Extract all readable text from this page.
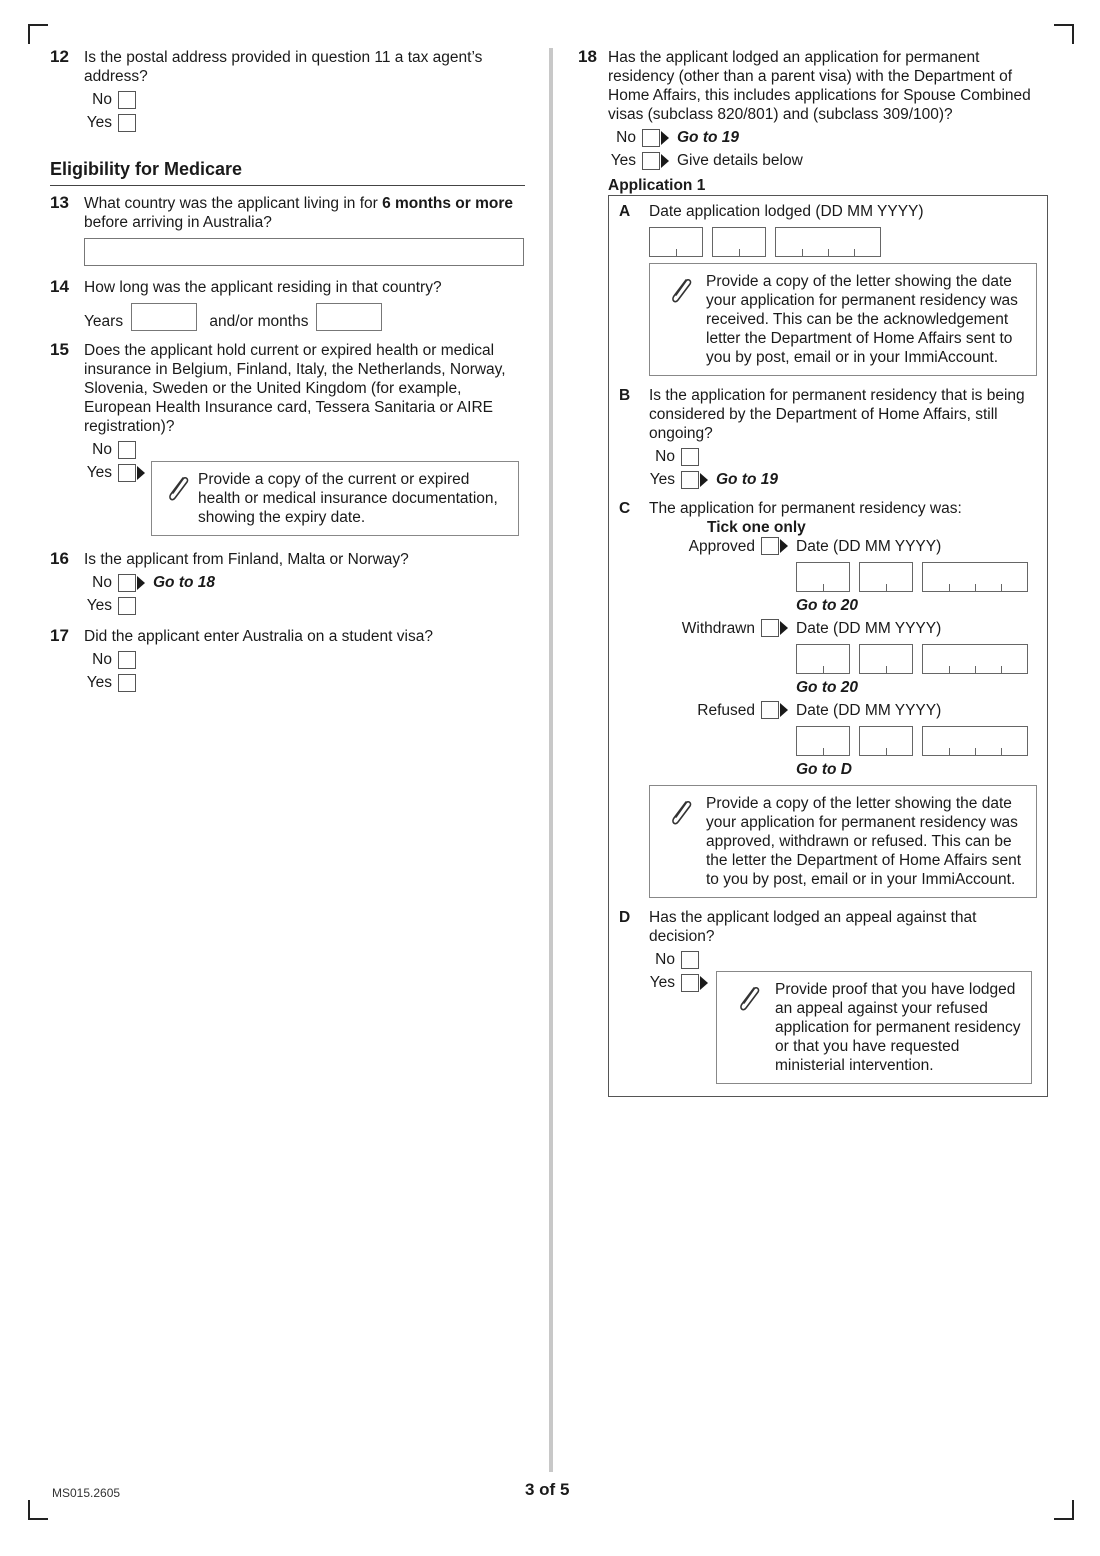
12 Is the postal address provided in question 11 a tax agent’s address?
No
Yes
Eligibility for Medicare
13 What country was the applicant living in for 6 months or more before arriving in Australia?
14 How long was the applicant residing in that country?
Years	and/or months
15 Does the applicant hold current or expired health or medical insurance in Belgium, Finland, Italy, the Netherlands, Norway, Slovenia, Sweden or the United Kingdom (for example, European Health Insurance card, Tessera Sanitaria or AIRE registration)?
No
Yes	Provide a copy of the current or expired health or medical insurance documentation, showing the expiry date.
16 Is the applicant from Finland, Malta or Norway?
No	Go to 18
Yes
17 Did the applicant enter Australia on a student visa?
No
Yes
18 Has the applicant lodged an application for permanent residency (other than a parent visa) with the Department of Home Affairs, this includes applications for Spouse Combined visas (subclass 820/801) and (subclass 309/100)?
No	Go to 19
Yes	Give details below
Application 1
A Date application lodged (DD MM YYYY)
Provide a copy of the letter showing the date your application for permanent residency was received. This can be the acknowledgement letter the Department of Home Affairs sent to you by post, email or in your ImmiAccount.
B Is the application for permanent residency that is being considered by the Department of Home Affairs, still ongoing?
No
Yes	Go to 19
C The application for permanent residency was:
Tick one only
Approved	Date (DD MM YYYY)
Go to 20
Withdrawn	Date (DD MM YYYY)
Go to 20
Refused	Date (DD MM YYYY)
Go to D
Provide a copy of the letter showing the date your application for permanent residency was approved, withdrawn or refused. This can be the letter the Department of Home Affairs sent to you by post, email or in your ImmiAccount.
D Has the applicant lodged an appeal against that decision?
No
Yes	Provide proof that you have lodged an appeal against your refused application for permanent residency or that you have requested ministerial intervention.
MS015.2605	3 of 5
